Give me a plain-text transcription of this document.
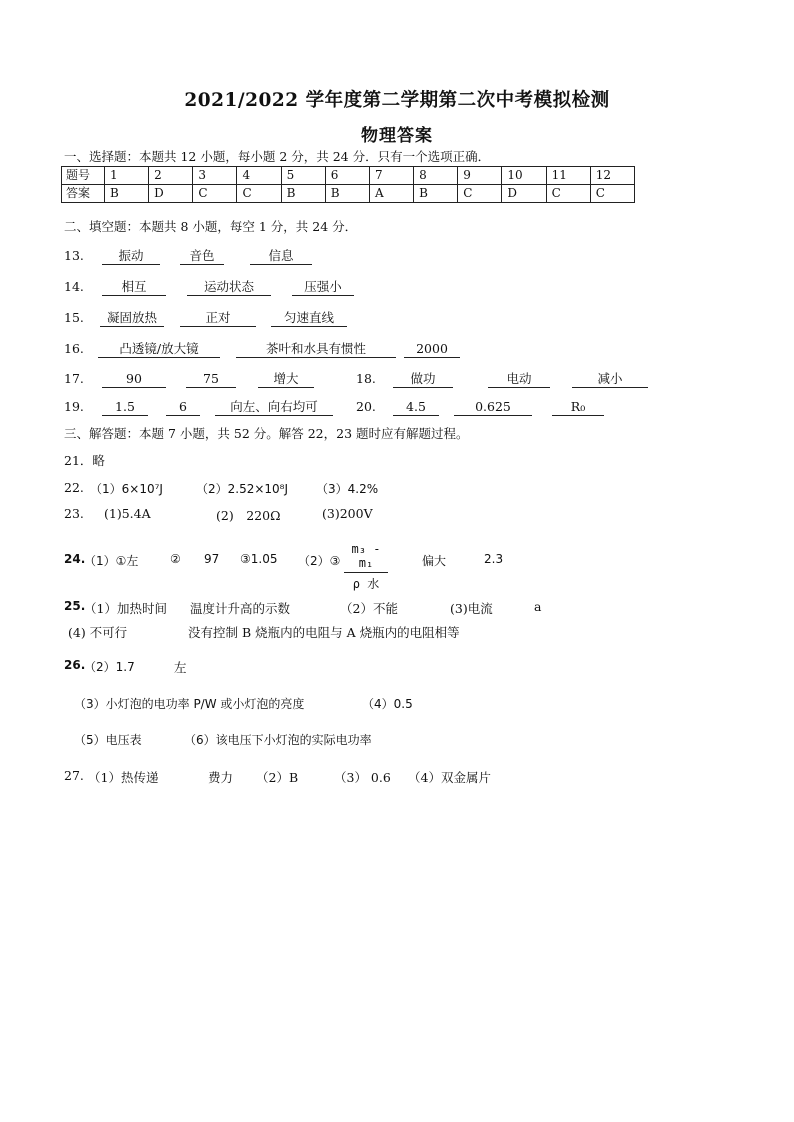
2021/2022 学年度第二学期第二次中考模拟检测
物理答案
一、选择题：本题共 12 小题，每小题 2 分，共 24 分．只有一个选项正确．
题号	1	2	3	4	5	6	7	8	9	10	11	12
答案	B	D	C	C	B	B	A	B	C	D	C	C
二、填空题：本题共 8 小题，每空 1 分，共 24 分．
13.	振动	音色	信息
14.	相互	运动状态	压强小
15.	凝固放热	正对	匀速直线
16.	凸透镜/放大镜	茶叶和水具有惯性	2000
17.	90	75	增大	18.	做功	电动	减小
19.	1.5	6	向左、向右均可	20.	4.5	0.625	R₀
三、解答题：本题 7 小题，共 52 分。解答 22，23 题时应有解题过程。
21．略
22. （1）6×10⁷J	（2）2.52×10⁸J （3）4.2%
23. (1)5.4A	(2)　220Ω	(3)200V
24.
（1）①左	② 97 ③1.05 （2）③
m₃ - m₁
ρ 水
偏大	2.3
25.
（1）加热时间 温度计升高的示数	（2）不能	(3)电流	a
(4) 不可行	没有控制 B 烧瓶内的电阻与 A 烧瓶内的电阻相等
26.
（2）1.7	左
（3）小灯泡的电功率 P/W 或小灯泡的亮度	（4）0.5
（5）电压表	（6）该电压下小灯泡的实际电功率
27. （1）热传递	费力 （2）B	（3） 0.6 （4）双金属片
